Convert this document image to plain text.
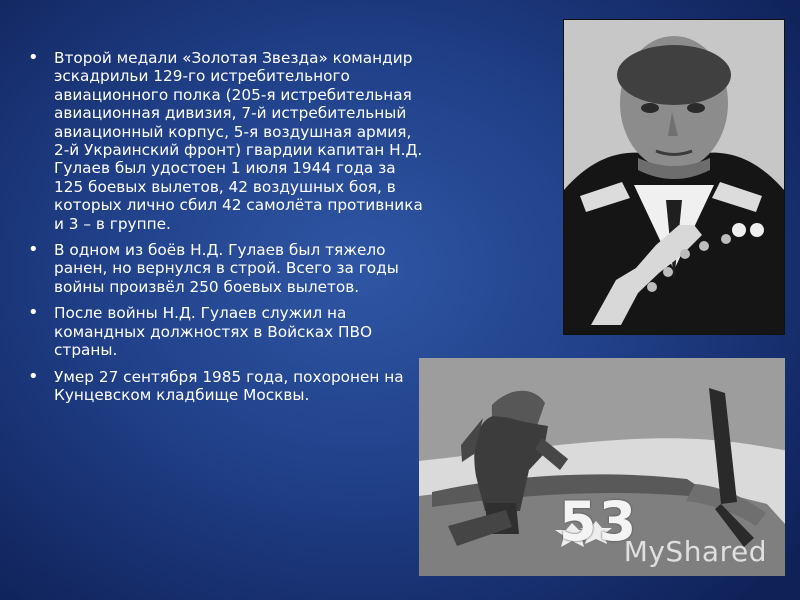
• Второй медали «Золотая Звезда» командир эскадрильи 129-го истребительного авиационного полка (205-я истребительная авиационная дивизия, 7-й истребительный авиационный корпус, 5-я воздушная армия, 2-й Украинский фронт) гвардии капитан Н.Д. Гулаев был удостоен 1 июля 1944 года за 125 боевых вылетов, 42 воздушных боя, в которых лично сбил 42 самолёта противника и 3 – в группе.
• В одном из боёв Н.Д. Гулаев был тяжело ранен, но вернулся в строй. Всего за годы войны произвёл 250 боевых вылетов.
• После войны Н.Д. Гулаев служил на командных должностях в Войсках ПВО страны.
• Умер 27 сентября 1985 года, похоронен на Кунцевском кладбище Москвы.
53
MyShared
